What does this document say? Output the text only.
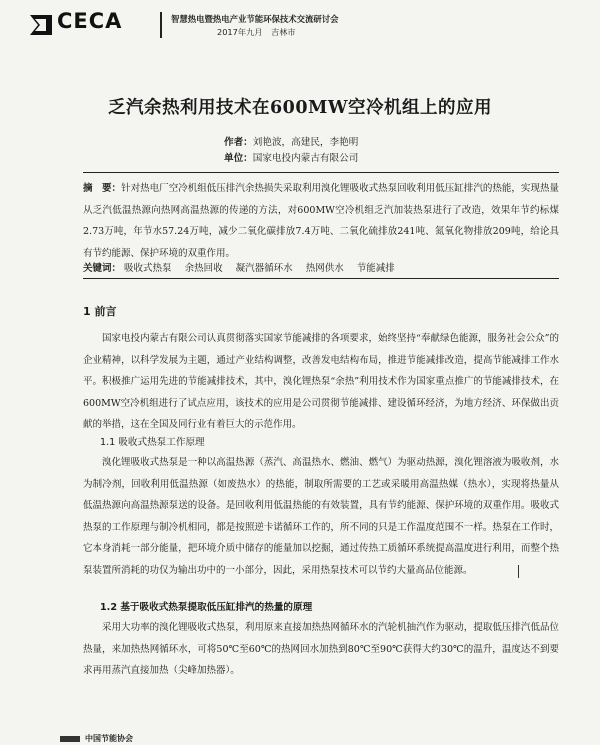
CECA	智慧热电暨热电产业节能环保技术交流研讨会
2017年九月 吉林市
乏汽余热利用技术在600MW空冷机组上的应用
作者：刘艳波，高建民，李艳明
单位：国家电投内蒙古有限公司
摘　要：针对热电厂空冷机组低压排汽余热损失采取利用溴化锂吸收式热泵回收利用低压缸排汽的热能，实现热量从乏汽低温热源向热网高温热源的传递的方法，对600MW空冷机组乏汽加装热泵进行了改造，效果年节约标煤2.73万吨，年节水57.24万吨，减少二氧化碳排放7.4万吨、二氧化硫排放241吨、氮氧化物排放209吨，给论具有节约能源、保护环境的双重作用。
关键词： 吸收式热泵 余热回收 凝汽器循环水 热网供水 节能减排
1 前言
国家电投内蒙古有限公司认真贯彻落实国家节能减排的各项要求，始终坚持“奉献绿色能源，服务社会公众”的企业精神，以科学发展为主题，通过产业结构调整，改善发电结构布局，推进节能减排改造，提高节能减排工作水平。积极推广运用先进的节能减排技术，其中，溴化锂热泵“余热”利用技术作为国家重点推广的节能减排技术，在600MW空冷机组进行了试点应用，该技术的应用是公司贯彻节能减排、建设循环经济，为地方经济、环保做出贡献的举措，这在全国及同行业有着巨大的示范作用。
1.1 吸收式热泵工作原理
溴化锂吸收式热泵是一种以高温热源（蒸汽、高温热水、燃油、燃气）为驱动热源，溴化锂溶液为吸收剂，水为制冷剂，回收利用低温热源（如废热水）的热能，制取所需要的工艺或采暖用高温热媒（热水），实现将热量从低温热源向高温热源泵送的设备。是回收利用低温热能的有效装置，具有节约能源、保护环境的双重作用。吸收式热泵的工作原理与制冷机相同，都是按照逆卡诺循环工作的，所不同的只是工作温度范围不一样。热泵在工作时，它本身消耗一部分能量，把环境介质中储存的能量加以挖掘，通过传热工质循环系统提高温度进行利用，而整个热泵装置所消耗的功仅为输出功中的一小部分，因此，采用热泵技术可以节约大量高品位能源。
1.2 基于吸收式热泵提取低压缸排汽的热量的原理
采用大功率的溴化锂吸收式热泵，利用原来直接加热热网循环水的汽轮机抽汽作为驱动，提取低压排汽低品位热量，来加热热网循环水，可将50℃至60℃的热网回水加热到80℃至90℃获得大约30℃的温升，温度达不到要求再用蒸汽直接加热（尖峰加热器）。
中国节能协会
